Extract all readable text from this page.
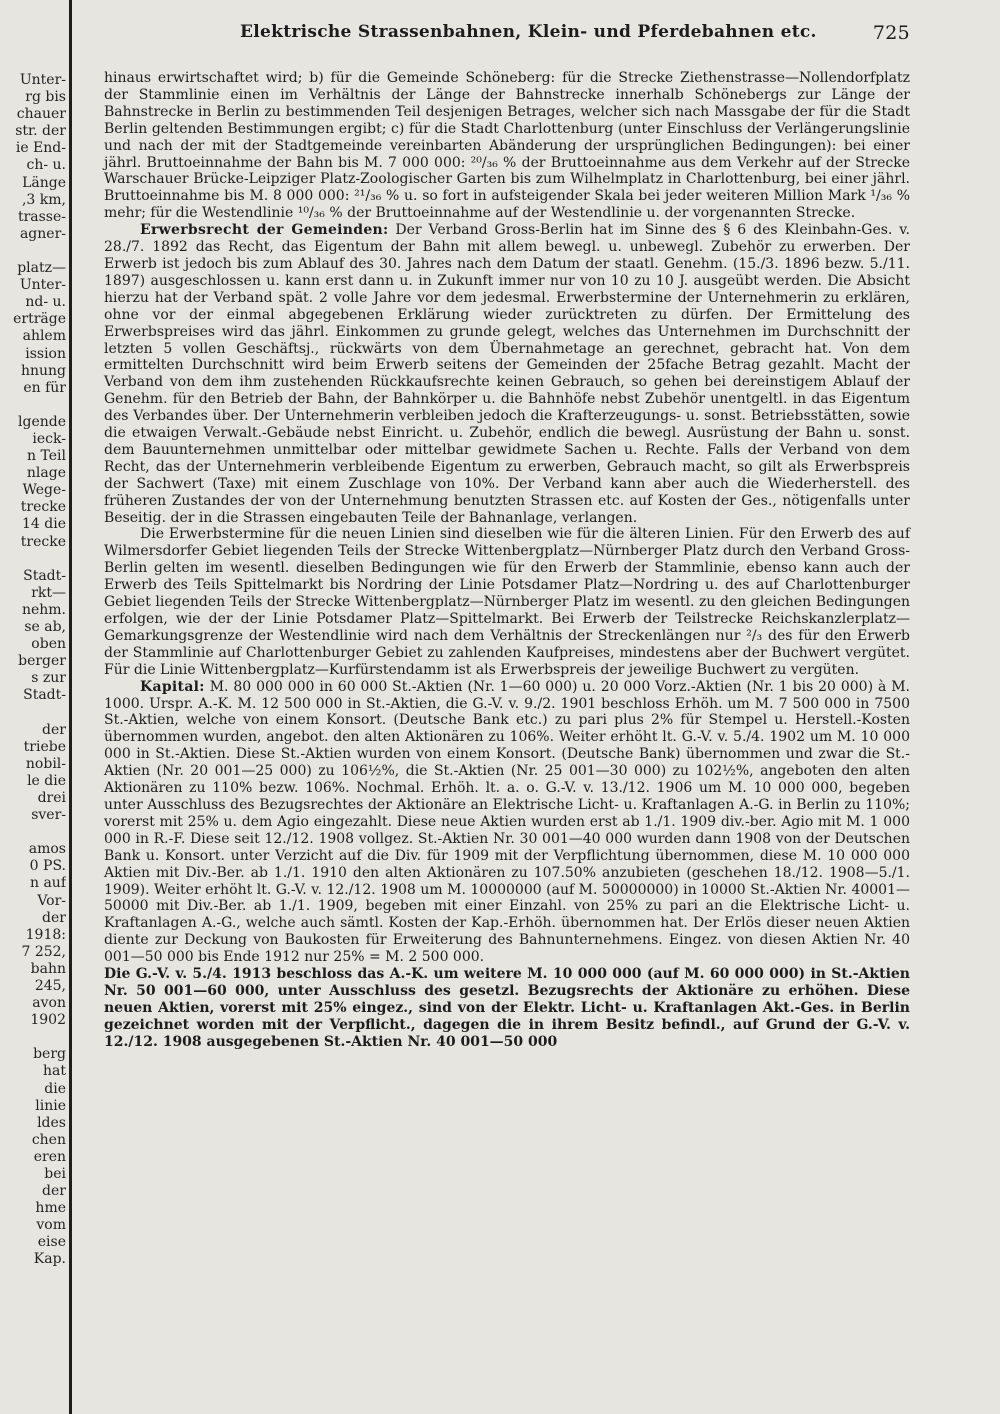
Unter-
rg bis
chauer
str. der
ie End-
ch- u.
Länge
,3 km,
trasse-
agner-
platz—
Unter-
nd- u.
erträge
ahlem
ission
hnung
en für
lgende
ieck-
n Teil
nlage
Wege-
trecke
14 die
trecke
Stadt-
rkt—
nehm.
se ab,
oben
berger
s zur
Stadt-
der
triebe
nobil-
le die
drei
sver-
amos
0 PS.
n auf
Vor-
der
1918:
7 252,
bahn
245,
avon
1902
berg
hat
die
linie
ldes
chen
eren
bei
der
hme
vom
eise
Kap.
Elektrische Strassenbahnen, Klein- und Pferdebahnen etc.	725

hinaus erwirtschaftet wird; b) für die Gemeinde Schöneberg: für die Strecke Ziethenstrasse—Nollendorfplatz der Stammlinie einen im Verhältnis der Länge der Bahnstrecke innerhalb Schönebergs zur Länge der Bahnstrecke in Berlin zu bestimmenden Teil desjenigen Betrages, welcher sich nach Massgabe der für die Stadt Berlin geltenden Bestimmungen ergibt; c) für die Stadt Charlottenburg (unter Einschluss der Verlängerungslinie und nach der mit der Stadtgemeinde vereinbarten Abänderung der ursprünglichen Bedingungen): bei einer jährl. Bruttoeinnahme der Bahn bis M. 7 000 000: ²⁰/₃₆ % der Bruttoeinnahme aus dem Verkehr auf der Strecke Warschauer Brücke-Leipziger Platz-Zoologischer Garten bis zum Wilhelmplatz in Charlottenburg, bei einer jährl. Bruttoeinnahme bis M. 8 000 000: ²¹/₃₆ % u. so fort in aufsteigender Skala bei jeder weiteren Million Mark ¹/₃₆ % mehr; für die Westendlinie ¹⁰/₃₆ % der Bruttoeinnahme auf der Westendlinie u. der vorgenannten Strecke.

Erwerbsrecht der Gemeinden: Der Verband Gross-Berlin hat im Sinne des § 6 des Kleinbahn-Ges. v. 28./7. 1892 das Recht, das Eigentum der Bahn mit allem bewegl. u. unbewegl. Zubehör zu erwerben. Der Erwerb ist jedoch bis zum Ablauf des 30. Jahres nach dem Datum der staatl. Genehm. (15./3. 1896 bezw. 5./11. 1897) ausgeschlossen u. kann erst dann u. in Zukunft immer nur von 10 zu 10 J. ausgeübt werden. Die Absicht hierzu hat der Verband spät. 2 volle Jahre vor dem jedesmal. Erwerbstermine der Unternehmerin zu erklären, ohne vor der einmal abgegebenen Erklärung wieder zurücktreten zu dürfen. Der Ermittelung des Erwerbspreises wird das jährl. Einkommen zu grunde gelegt, welches das Unternehmen im Durchschnitt der letzten 5 vollen Geschäftsj., rückwärts von dem Übernahmetage an gerechnet, gebracht hat. Von dem ermittelten Durchschnitt wird beim Erwerb seitens der Gemeinden der 25fache Betrag gezahlt. Macht der Verband von dem ihm zustehenden Rückkaufsrechte keinen Gebrauch, so gehen bei dereinstigem Ablauf der Genehm. für den Betrieb der Bahn, der Bahnkörper u. die Bahnhöfe nebst Zubehör unentgeltl. in das Eigentum des Verbandes über. Der Unternehmerin verbleiben jedoch die Krafterzeugungs- u. sonst. Betriebsstätten, sowie die etwaigen Verwalt.-Gebäude nebst Einricht. u. Zubehör, endlich die bewegl. Ausrüstung der Bahn u. sonst. dem Bauunternehmen unmittelbar oder mittelbar gewidmete Sachen u. Rechte. Falls der Verband von dem Recht, das der Unternehmerin verbleibende Eigentum zu erwerben, Gebrauch macht, so gilt als Erwerbspreis der Sachwert (Taxe) mit einem Zuschlage von 10%. Der Verband kann aber auch die Wiederherstell. des früheren Zustandes der von der Unternehmung benutzten Strassen etc. auf Kosten der Ges., nötigenfalls unter Beseitig. der in die Strassen eingebauten Teile der Bahnanlage, verlangen.

Die Erwerbstermine für die neuen Linien sind dieselben wie für die älteren Linien. Für den Erwerb des auf Wilmersdorfer Gebiet liegenden Teils der Strecke Wittenbergplatz—Nürnberger Platz durch den Verband Gross-Berlin gelten im wesentl. dieselben Bedingungen wie für den Erwerb der Stammlinie, ebenso kann auch der Erwerb des Teils Spittelmarkt bis Nordring der Linie Potsdamer Platz—Nordring u. des auf Charlottenburger Gebiet liegenden Teils der Strecke Wittenbergplatz—Nürnberger Platz im wesentl. zu den gleichen Bedingungen erfolgen, wie der der Linie Potsdamer Platz—Spittelmarkt. Bei Erwerb der Teilstrecke Reichskanzlerplatz—Gemarkungsgrenze der Westendlinie wird nach dem Verhältnis der Streckenlängen nur ²/₃ des für den Erwerb der Stammlinie auf Charlottenburger Gebiet zu zahlenden Kaufpreises, mindestens aber der Buchwert vergütet. Für die Linie Wittenbergplatz—Kurfürstendamm ist als Erwerbspreis der jeweilige Buchwert zu vergüten.

Kapital: M. 80 000 000 in 60 000 St.-Aktien (Nr. 1—60 000) u. 20 000 Vorz.-Aktien (Nr. 1 bis 20 000) à M. 1000. Urspr. A.-K. M. 12 500 000 in St.-Aktien, die G.-V. v. 9./2. 1901 beschloss Erhöh. um M. 7 500 000 in 7500 St.-Aktien, welche von einem Konsort. (Deutsche Bank etc.) zu pari plus 2% für Stempel u. Herstell.-Kosten übernommen wurden, angebot. den alten Aktionären zu 106%. Weiter erhöht lt. G.-V. v. 5./4. 1902 um M. 10 000 000 in St.-Aktien. Diese St.-Aktien wurden von einem Konsort. (Deutsche Bank) übernommen und zwar die St.-Aktien (Nr. 20 001—25 000) zu 106½%, die St.-Aktien (Nr. 25 001—30 000) zu 102½%, angeboten den alten Aktionären zu 110% bezw. 106%. Nochmal. Erhöh. lt. a. o. G.-V. v. 13./12. 1906 um M. 10 000 000, begeben unter Ausschluss des Bezugsrechtes der Aktionäre an Elektrische Licht- u. Kraftanlagen A.-G. in Berlin zu 110%; vorerst mit 25% u. dem Agio eingezahlt. Diese neue Aktien wurden erst ab 1./1. 1909 div.-ber. Agio mit M. 1 000 000 in R.-F. Diese seit 12./12. 1908 vollgez. St.-Aktien Nr. 30 001—40 000 wurden dann 1908 von der Deutschen Bank u. Konsort. unter Verzicht auf die Div. für 1909 mit der Verpflichtung übernommen, diese M. 10 000 000 Aktien mit Div.-Ber. ab 1./1. 1910 den alten Aktionären zu 107.50% anzubieten (geschehen 18./12. 1908—5./1. 1909). Weiter erhöht lt. G.-V. v. 12./12. 1908 um M. 10000000 (auf M. 50000000) in 10000 St.-Aktien Nr. 40001—50000 mit Div.-Ber. ab 1./1. 1909, begeben mit einer Einzahl. von 25% zu pari an die Elektrische Licht- u. Kraftanlagen A.-G., welche auch sämtl. Kosten der Kap.-Erhöh. übernommen hat. Der Erlös dieser neuen Aktien diente zur Deckung von Baukosten für Erweiterung des Bahnunternehmens. Eingez. von diesen Aktien Nr. 40 001—50 000 bis Ende 1912 nur 25% = M. 2 500 000.

Die G.-V. v. 5./4. 1913 beschloss das A.-K. um weitere M. 10 000 000 (auf M. 60 000 000) in St.-Aktien Nr. 50 001—60 000, unter Ausschluss des gesetzl. Bezugsrechts der Aktionäre zu erhöhen. Diese neuen Aktien, vorerst mit 25% eingez., sind von der Elektr. Licht- u. Kraftanlagen Akt.-Ges. in Berlin gezeichnet worden mit der Verpflicht., dagegen die in ihrem Besitz befindl., auf Grund der G.-V. v. 12./12. 1908 ausgegebenen St.-Aktien Nr. 40 001—50 000
